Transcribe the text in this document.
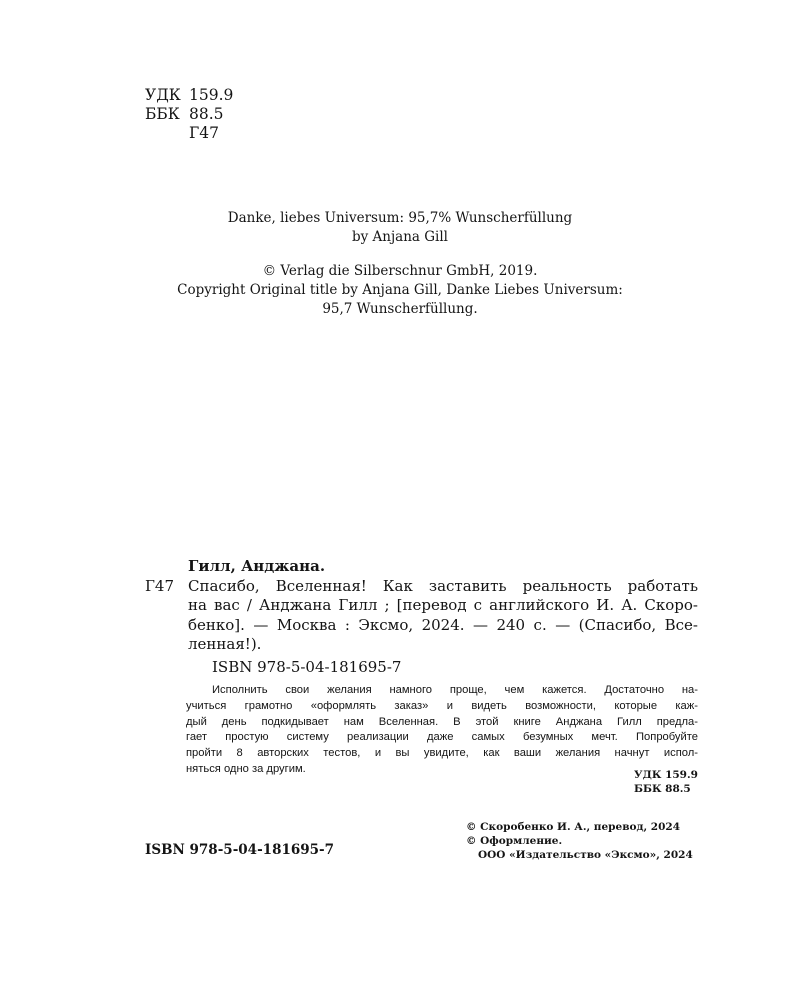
УДК 159.9
ББК 88.5
Г47
Danke, liebes Universum: 95,7% Wunscherfüllung
by Anjana Gill
© Verlag die Silberschnur GmbH, 2019.
Copyright Original title by Anjana Gill, Danke Liebes Universum:
95,7 Wunscherfüllung.
Гилл, Анджана.
Г47 Спасибо, Вселенная! Как заставить реальность работать
на вас / Анджана Гилл ; [перевод с английского И. А. Скоро-
бенко]. — Москва : Эксмо, 2024. — 240 с. — (Спасибо, Все-
ленная!).
ISBN 978-5-04-181695-7
Исполнить свои желания намного проще, чем кажется. Достаточно на-
учиться грамотно «оформлять заказ» и видеть возможности, которые каж-
дый день подкидывает нам Вселенная. В этой книге Анджана Гилл предла-
гает простую систему реализации даже самых безумных мечт. Попробуйте
пройти 8 авторских тестов, и вы увидите, как ваши желания начнут испол-
няться одно за другим.
УДК 159.9
ББК 88.5
ISBN 978-5-04-181695-7
© Скоробенко И. А., перевод, 2024
© Оформление.
ООО «Издательство «Эксмо», 2024
